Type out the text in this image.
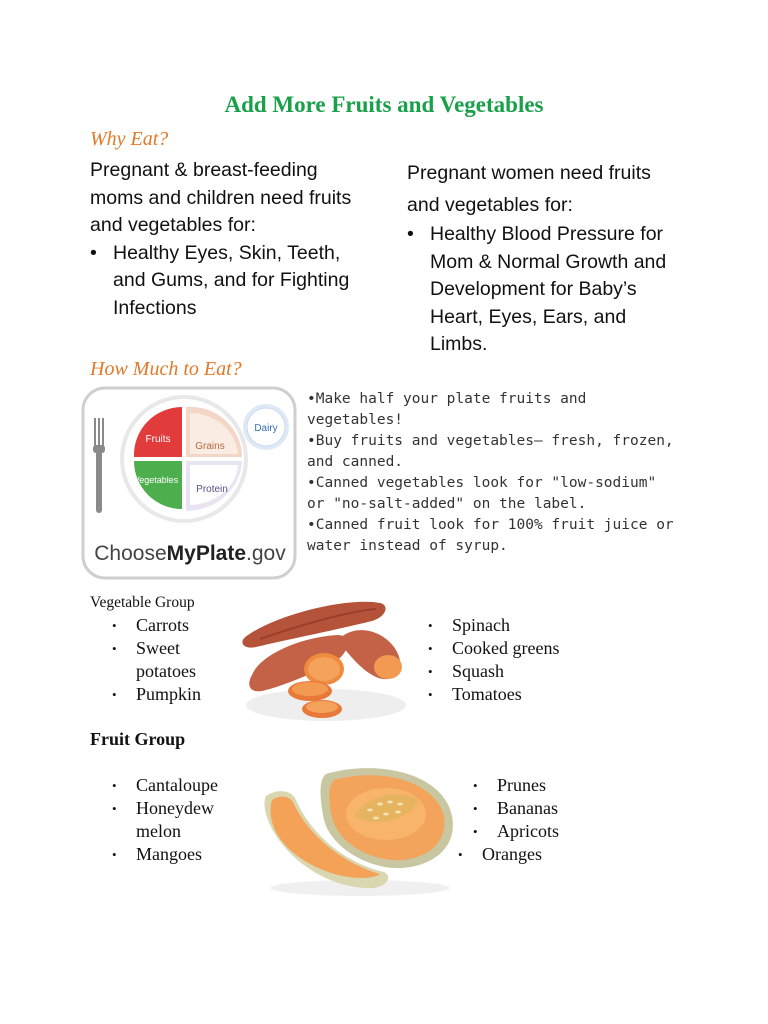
Add More Fruits and Vegetables
Why Eat?
Pregnant & breast-feeding moms and children need fruits and vegetables for:
• Healthy Eyes, Skin, Teeth, and Gums, and for Fighting Infections
Pregnant women need fruits and vegetables for:
• Healthy Blood Pressure for Mom & Normal Growth and Development for Baby’s Heart, Eyes, Ears, and Limbs.
How Much to Eat?
Fruits
Grains
Vegetables
Protein
Dairy
ChooseMyPlate.gov

•Make half your plate fruits and vegetables!

•Buy fruits and vegetables— fresh, frozen, and canned.

•Canned vegetables look for "low-sodium" or "no-salt-added" on the label.

•Canned fruit look for 100% fruit juice or water instead of syrup.

Vegetable Group
• Carrots
• Sweet potatoes
• Pumpkin
• Spinach
• Cooked greens
• Squash
• Tomatoes
Fruit Group
• Cantaloupe
• Honeydew melon
• Mangoes
• Prunes
• Bananas
• Apricots
• Oranges
